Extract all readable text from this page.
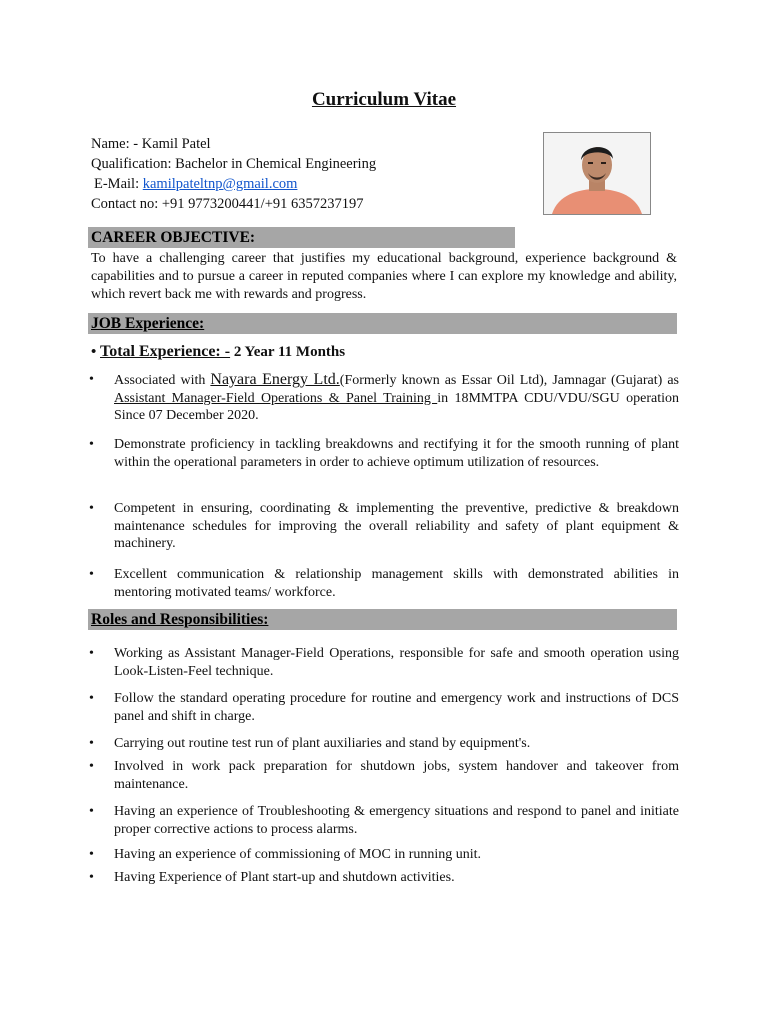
Curriculum Vitae
Name: - Kamil Patel
Qualification: Bachelor in Chemical Engineering
E-Mail: kamilpateltnp@gmail.com
Contact no: +91 9773200441/+91 6357237197
CAREER OBJECTIVE:
To have a challenging career that justifies my educational background, experience background & capabilities and to pursue a career in reputed companies where I can explore my knowledge and ability, which revert back me with rewards and progress.
JOB Experience:
• Total Experience: - 2 Year 11 Months
• Associated with Nayara Energy Ltd.(Formerly known as Essar Oil Ltd), Jamnagar (Gujarat) as Assistant Manager-Field Operations & Panel Training in 18MMTPA CDU/VDU/SGU operation Since 07 December 2020.
• Demonstrate proficiency in tackling breakdowns and rectifying it for the smooth running of plant within the operational parameters in order to achieve optimum utilization of resources.
• Competent in ensuring, coordinating & implementing the preventive, predictive & breakdown maintenance schedules for improving the overall reliability and safety of plant equipment & machinery.
• Excellent communication & relationship management skills with demonstrated abilities in mentoring motivated teams/ workforce.
Roles and Responsibilities:
• Working as Assistant Manager-Field Operations, responsible for safe and smooth operation using Look-Listen-Feel technique.
• Follow the standard operating procedure for routine and emergency work and instructions of DCS panel and shift in charge.
• Carrying out routine test run of plant auxiliaries and stand by equipment's.
• Involved in work pack preparation for shutdown jobs, system handover and takeover from maintenance.
• Having an experience of Troubleshooting & emergency situations and respond to panel and initiate proper corrective actions to process alarms.
• Having an experience of commissioning of MOC in running unit.
• Having Experience of Plant start-up and shutdown activities.
